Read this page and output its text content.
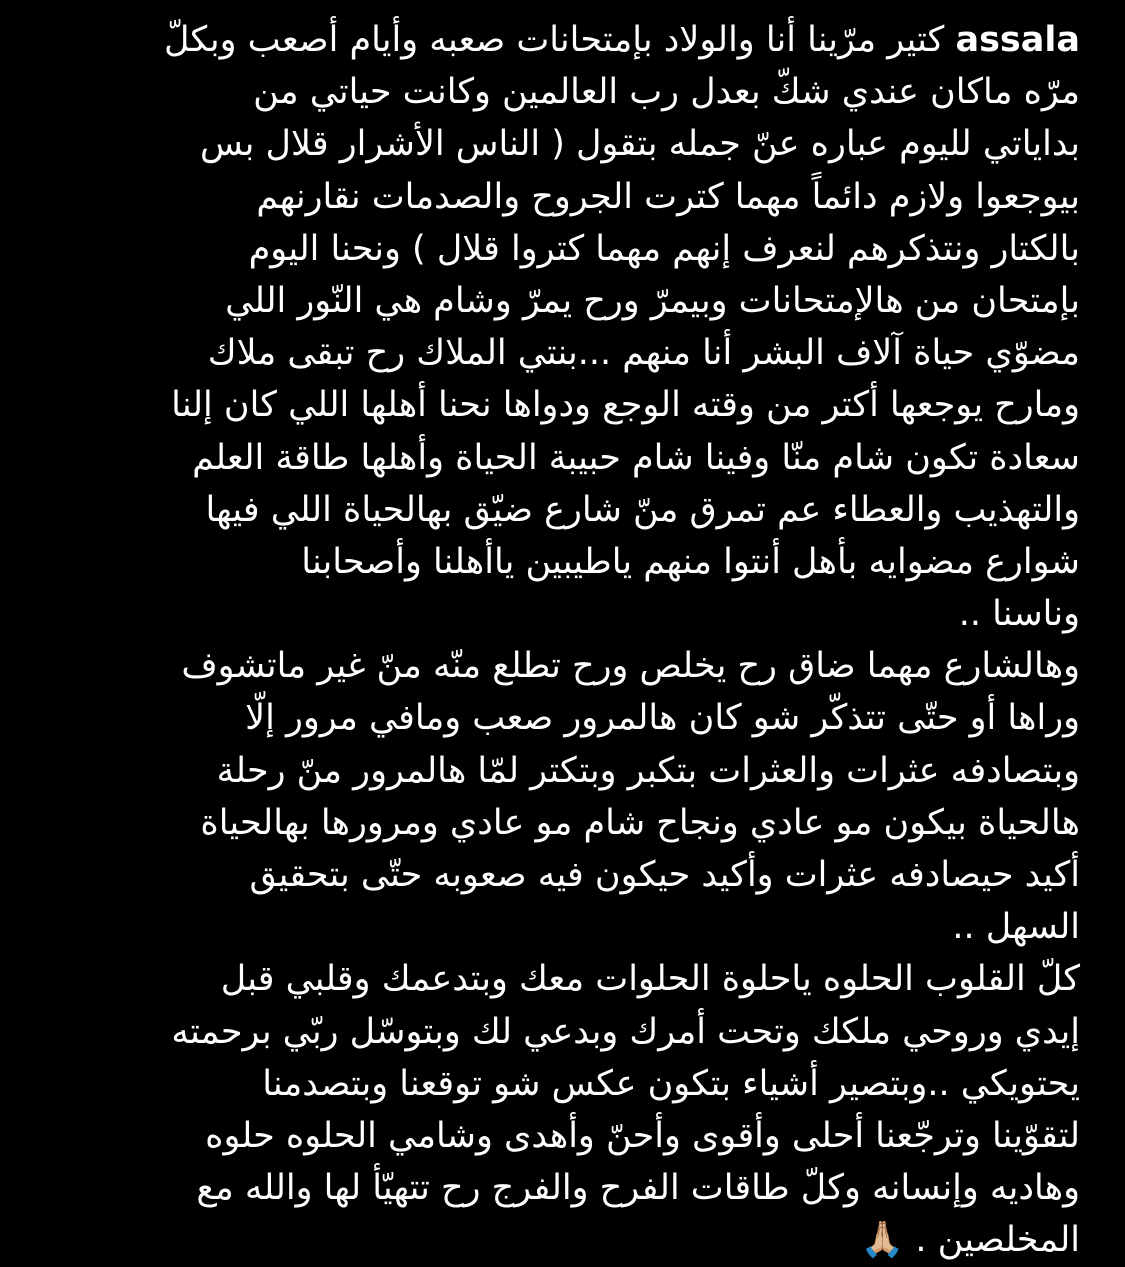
assala كتير مرّينا أنا والولاد بإمتحانات صعبه وأيام أصعب وبكلّ
مرّه ماكان عندي شكّ بعدل رب العالمين وكانت حياتي من
بداياتي لليوم عباره عنّ جمله بتقول ( الناس الأشرار قلال بس
بيوجعوا ولازم دائماً مهما كترت الجروح والصدمات نقارنهم
بالكتار ونتذكرهم لنعرف إنهم مهما كتروا قلال ) ونحنا اليوم
بإمتحان من هالإمتحانات وبيمرّ ورح يمرّ وشام هي النّور اللي
مضوّي حياة آلاف البشر أنا منهم ...بنتي الملاك رح تبقى ملاك
ومارح يوجعها أكتر من وقته الوجع ودواها نحنا أهلها اللي كان إلنا
سعادة تكون شام منّا وفينا شام حبيبة الحياة وأهلها طاقة العلم
والتهذيب والعطاء عم تمرق منّ شارع ضيّق بهالحياة اللي فيها
شوارع مضوايه بأهل أنتوا منهم ياطيبين ياأهلنا وأصحابنا
وناسنا ..
وهالشارع مهما ضاق رح يخلص ورح تطلع منّه منّ غير ماتشوف
وراها أو حتّى تتذكّر شو كان هالمرور صعب ومافي مرور إلّا
وبتصادفه عثرات والعثرات بتكبر وبتكتر لمّا هالمرور منّ رحلة
هالحياة بيكون مو عادي ونجاح شام مو عادي ومرورها بهالحياة
أكيد حيصادفه عثرات وأكيد حيكون فيه صعوبه حتّى بتحقيق
السهل ..
كلّ القلوب الحلوه ياحلوة الحلوات معك وبتدعمك وقلبي قبل
إيدي وروحي ملكك وتحت أمرك وبدعي لك وبتوسّل ربّي برحمته
يحتويكي ..وبتصير أشياء بتكون عكس شو توقعنا وبتصدمنا
لتقوّينا وترجّعنا أحلى وأقوى وأحنّ وأهدى وشامي الحلوه حلوه
وهاديه وإنسانه وكلّ طاقات الفرح والفرج رح تتهيّأ لها والله مع
المخلصين . 🙏🏼
